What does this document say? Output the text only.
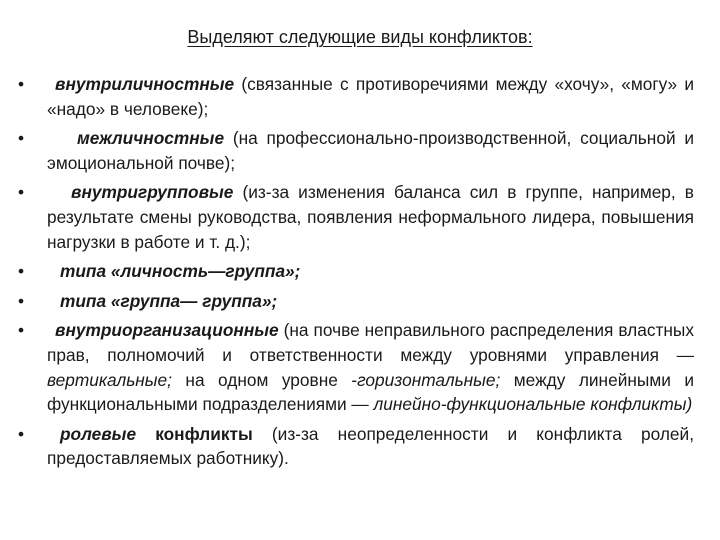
Выделяют следующие виды конфликтов:
• внутриличностные (связанные с противоречиями между «хочу», «могу» и «надо» в человеке);
• межличностные (на профессионально-производственной, социальной и эмоциональной почве);
• внутригрупповые (из-за изменения баланса сил в группе, например, в результате смены руководства, появления неформального лидера, повышения нагрузки в работе и т. д.);
• типа «личность—группа»;
• типа «группа— группа»;
• внутриорганизационные (на почве неправильного распределения властных прав, полномочий и ответственности между уровнями управления — вертикальные; на одном уровне -горизонтальные; между линейными и функциональными подразделениями — линейно-функциональные конфликты)
• ролевые конфликты (из-за неопределенности и конфликта ролей, предоставляемых работнику).
